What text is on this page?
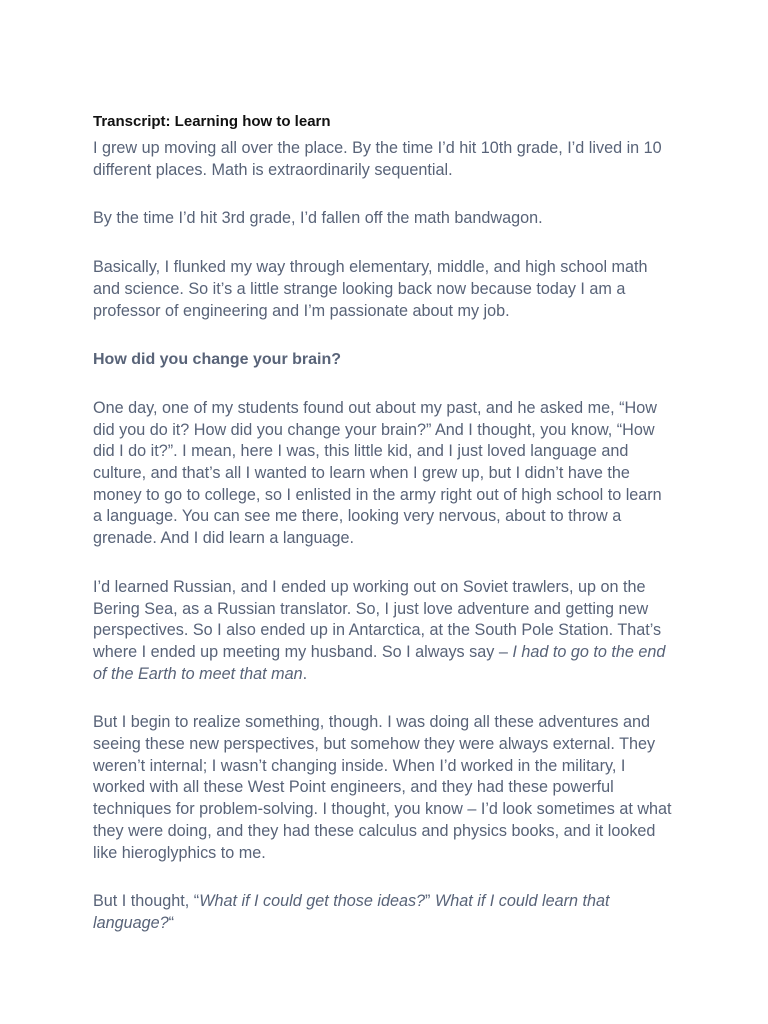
Transcript: Learning how to learn

I grew up moving all over the place. By the time I’d hit 10th grade, I’d lived in 10 different places. Math is extraordinarily sequential.

By the time I’d hit 3rd grade, I’d fallen off the math bandwagon.

Basically, I flunked my way through elementary, middle, and high school math and science. So it’s a little strange looking back now because today I am a professor of engineering and I’m passionate about my job.

How did you change your brain?

One day, one of my students found out about my past, and he asked me, “How did you do it? How did you change your brain?” And I thought, you know, “How did I do it?”. I mean, here I was, this little kid, and I just loved language and culture, and that’s all I wanted to learn when I grew up, but I didn’t have the money to go to college, so I enlisted in the army right out of high school to learn a language. You can see me there, looking very nervous, about to throw a grenade. And I did learn a language.

I’d learned Russian, and I ended up working out on Soviet trawlers, up on the Bering Sea, as a Russian translator. So, I just love adventure and getting new perspectives. So I also ended up in Antarctica, at the South Pole Station. That’s where I ended up meeting my husband. So I always say – I had to go to the end of the Earth to meet that man.

But I begin to realize something, though. I was doing all these adventures and seeing these new perspectives, but somehow they were always external. They weren’t internal; I wasn’t changing inside. When I’d worked in the military, I worked with all these West Point engineers, and they had these powerful techniques for problem-solving. I thought, you know – I’d look sometimes at what they were doing, and they had these calculus and physics books, and it looked like hieroglyphics to me.

But I thought, “What if I could get those ideas?” What if I could learn that language?“
